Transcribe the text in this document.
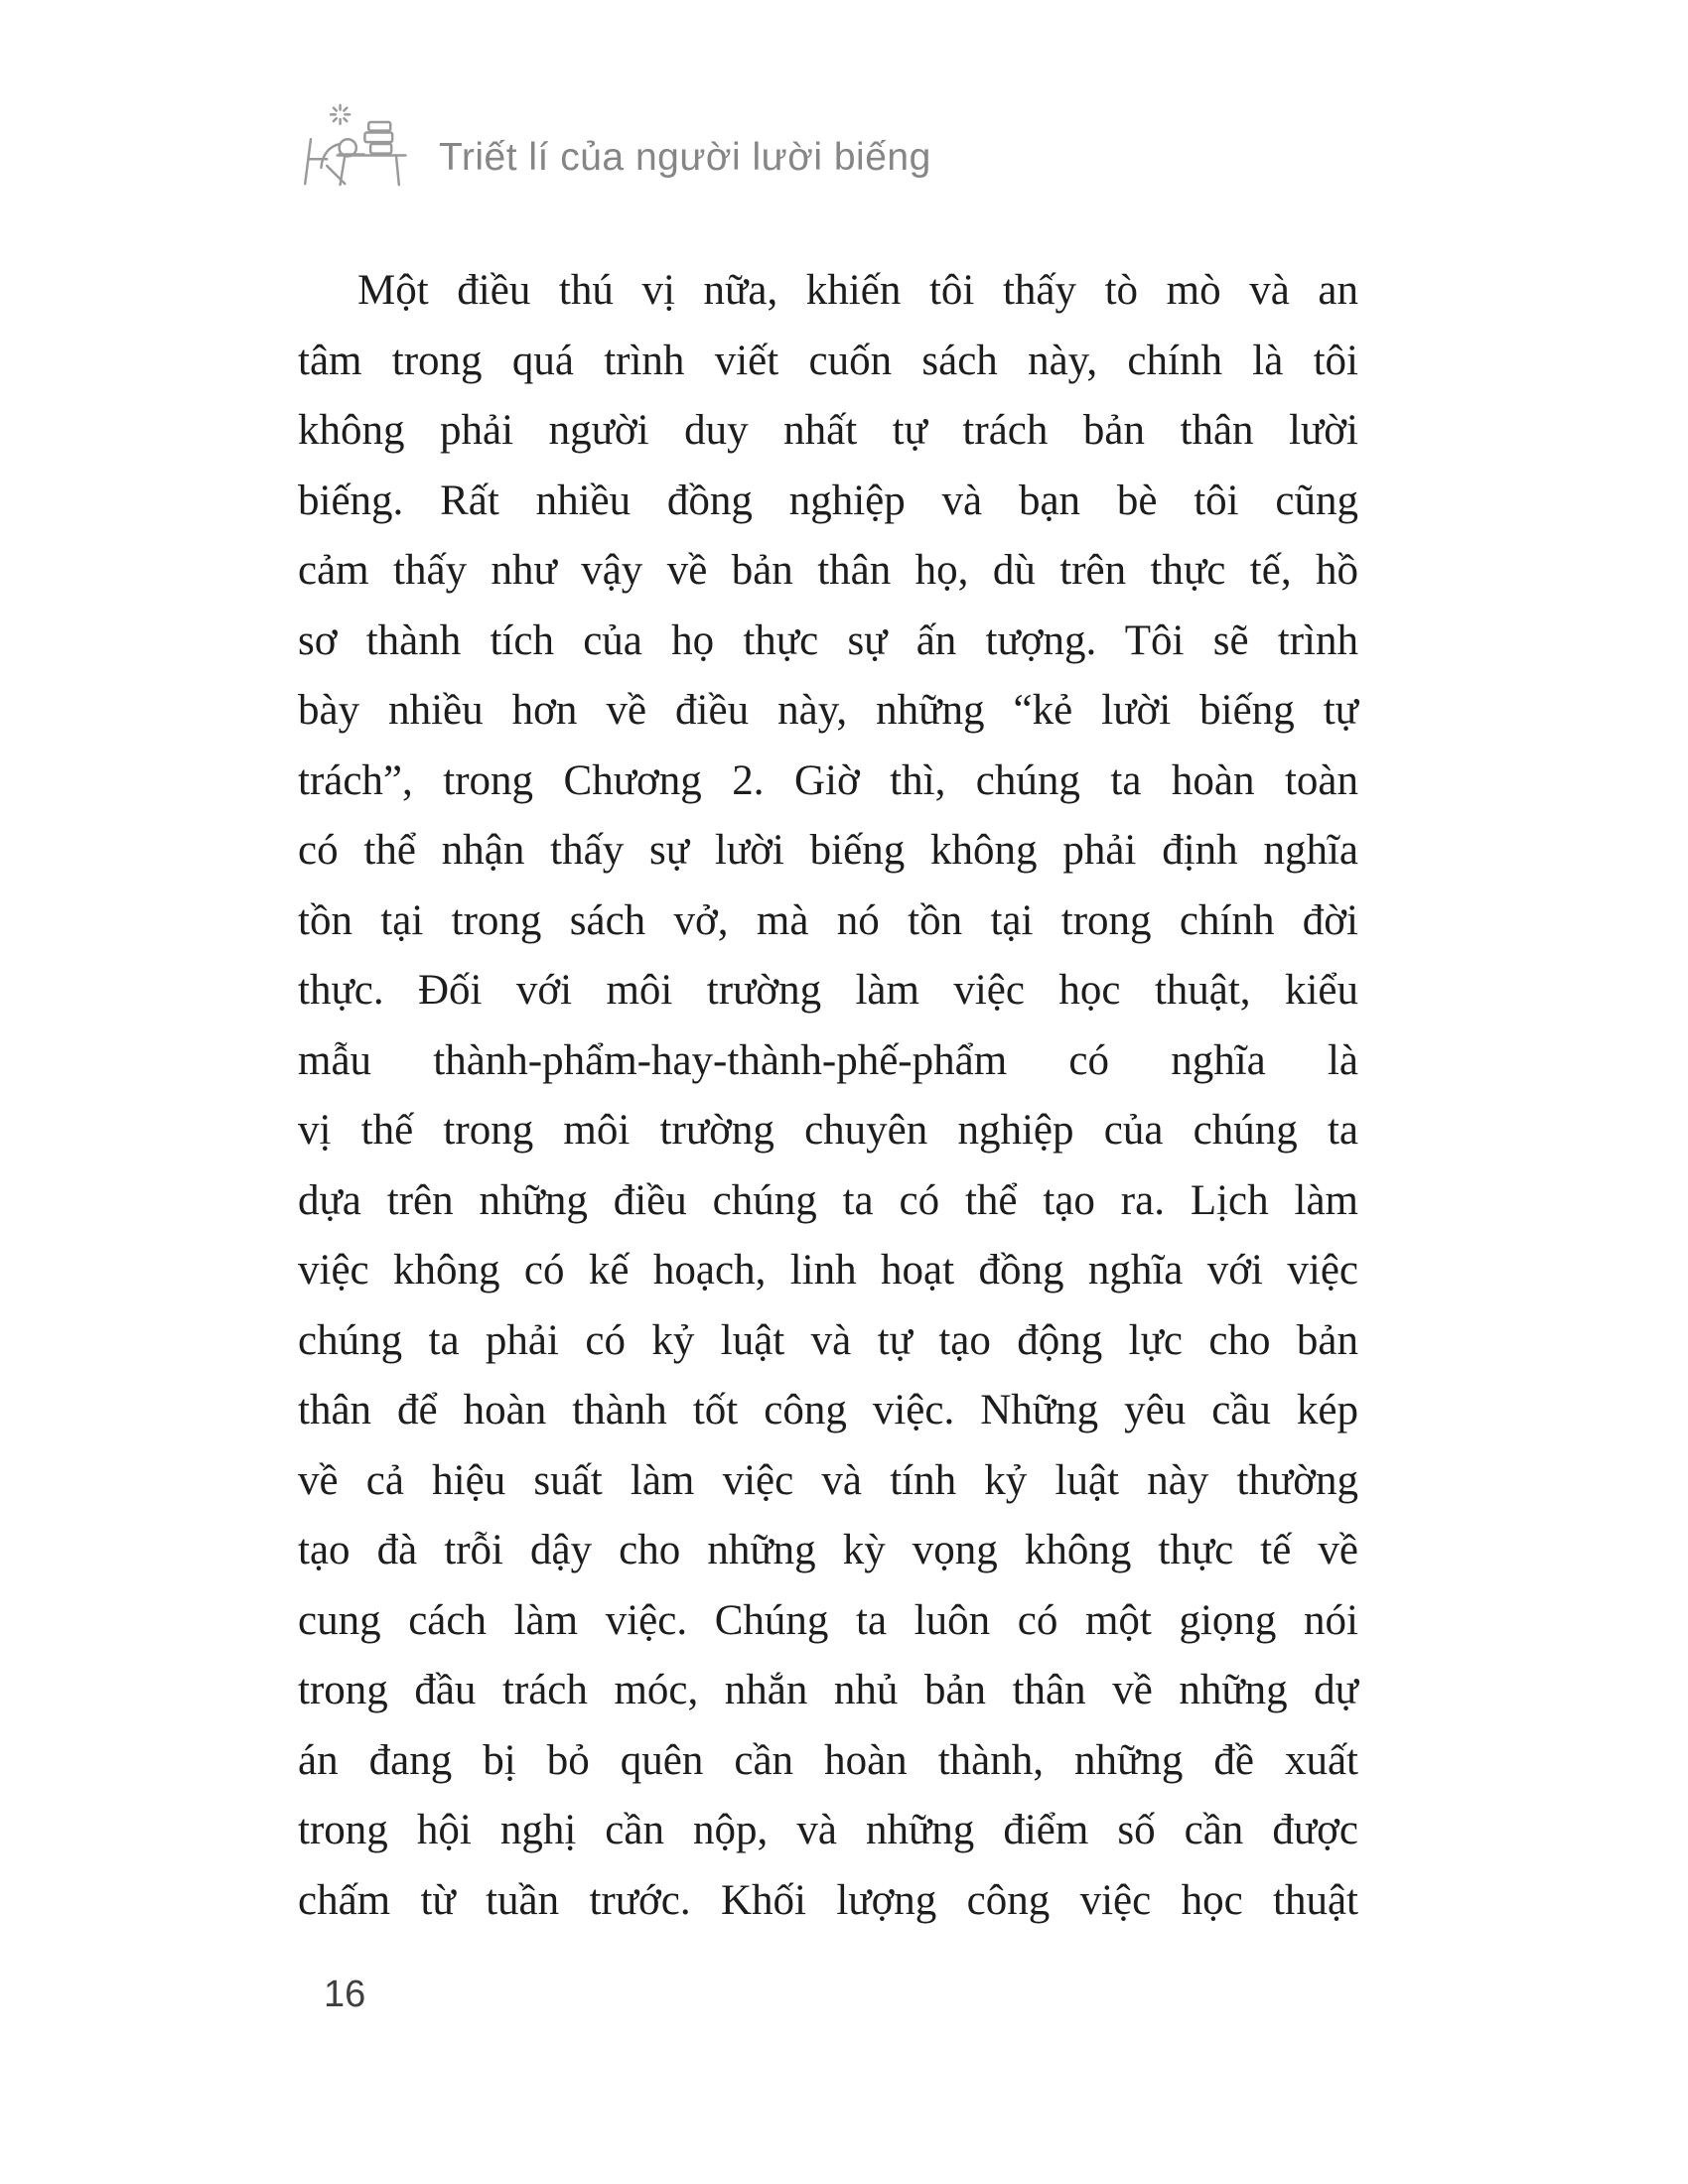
Triết lí của người lười biếng
Một điều thú vị nữa, khiến tôi thấy tò mò và an
tâm trong quá trình viết cuốn sách này, chính là tôi
không phải người duy nhất tự trách bản thân lười
biếng. Rất nhiều đồng nghiệp và bạn bè tôi cũng
cảm thấy như vậy về bản thân họ, dù trên thực tế, hồ
sơ thành tích của họ thực sự ấn tượng. Tôi sẽ trình
bày nhiều hơn về điều này, những “kẻ lười biếng tự
trách”, trong Chương 2. Giờ thì, chúng ta hoàn toàn
có thể nhận thấy sự lười biếng không phải định nghĩa
tồn tại trong sách vở, mà nó tồn tại trong chính đời
thực. Đối với môi trường làm việc học thuật, kiểu
mẫu thành-phẩm-hay-thành-phế-phẩm có nghĩa là
vị thế trong môi trường chuyên nghiệp của chúng ta
dựa trên những điều chúng ta có thể tạo ra. Lịch làm
việc không có kế hoạch, linh hoạt đồng nghĩa với việc
chúng ta phải có kỷ luật và tự tạo động lực cho bản
thân để hoàn thành tốt công việc. Những yêu cầu kép
về cả hiệu suất làm việc và tính kỷ luật này thường
tạo đà trỗi dậy cho những kỳ vọng không thực tế về
cung cách làm việc. Chúng ta luôn có một giọng nói
trong đầu trách móc, nhắn nhủ bản thân về những dự
án đang bị bỏ quên cần hoàn thành, những đề xuất
trong hội nghị cần nộp, và những điểm số cần được
chấm từ tuần trước. Khối lượng công việc học thuật
16
